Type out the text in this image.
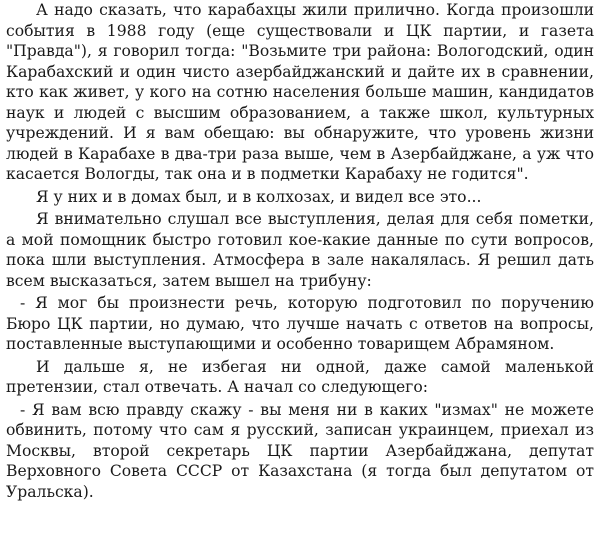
А надо сказать, что карабахцы жили прилично. Когда произошли события в 1988 году (еще существовали и ЦК партии, и газета "Правда"), я говорил тогда: "Возьмите три района: Вологодский, один Карабахский и один чисто азербайджанский и дайте их в сравнении, кто как живет, у кого на сотню населения больше машин, кандидатов наук и людей с высшим образованием, а также школ, культурных учреждений. И я вам обещаю: вы обнаружите, что уровень жизни людей в Карабахе в два-три раза выше, чем в Азербайджане, а уж что касается Вологды, так она и в подметки Карабаху не годится".

Я у них и в домах был, и в колхозах, и видел все это...

Я внимательно слушал все выступления, делая для себя пометки, а мой помощник быстро готовил кое-какие данные по сути вопросов, пока шли выступления. Атмосфера в зале накалялась. Я решил дать всем высказаться, затем вышел на трибуну:

- Я мог бы произнести речь, которую подготовил по поручению Бюро ЦК партии, но думаю, что лучше начать с ответов на вопросы, поставленные выступающими и особенно товарищем Абрамяном.

И дальше я, не избегая ни одной, даже самой маленькой претензии, стал отвечать. А начал со следующего:

- Я вам всю правду скажу - вы меня ни в каких "измах" не можете обвинить, потому что сам я русский, записан украинцем, приехал из Москвы, второй секретарь ЦК партии Азербайджана, депутат Верховного Совета СССР от Казахстана (я тогда был депутатом от Уральска).
